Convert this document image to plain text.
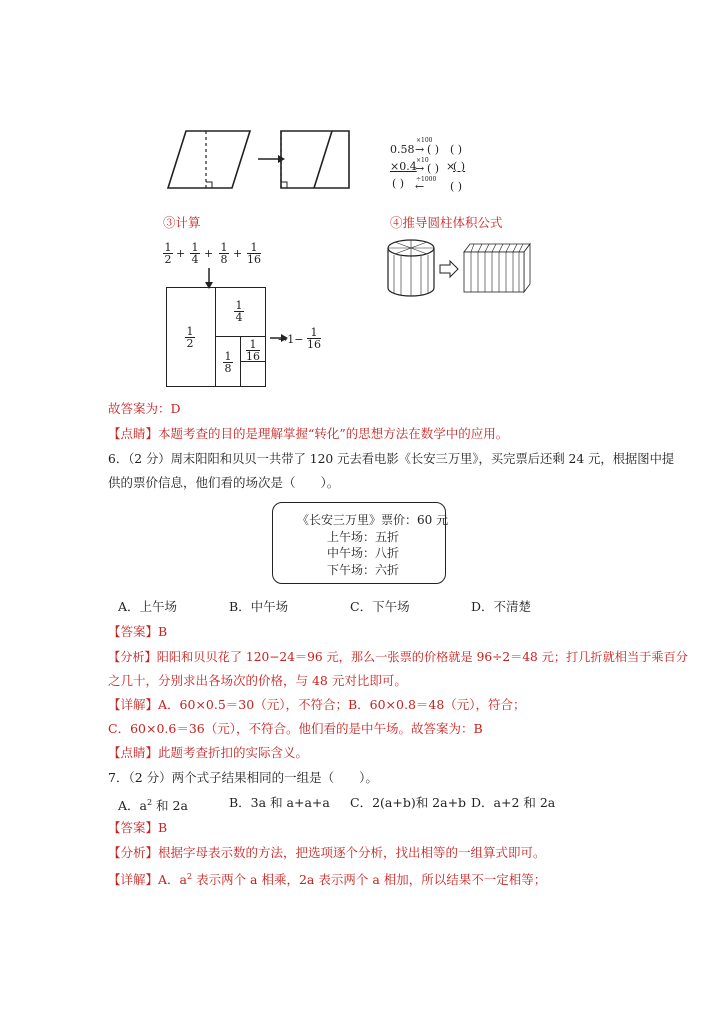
0.58
×100
→ ( ) ( )
×0.4 ×10
→ ( ) ×
( )
( ) ÷1000
← ( )
③计算
$\frac{1}{2} + \frac{1}{4} + \frac{1}{8} + \frac{1}{16}$
$\frac{1}{2}$
$\frac{1}{4}$
$\frac{1}{8}$
$\frac{1}{16} \to 1- \frac{1}{16}$
④推导圆柱体积公式
故答案为：D
【点睛】本题考查的目的是理解掌握“转化”的思想方法在数学中的应用。
6．（2 分）周末阳阳和贝贝一共带了 120 元去看电影《长安三万里》，买完票后还剩 24 元，根据图中提
供的票价信息，他们看的场次是（　　）。
《长安三万里》票价：60 元
上午场：五折
中午场：八折
下午场：六折
A．上午场	B．中午场	C．下午场	D．不清楚
【答案】B
【分析】阳阳和贝贝花了 120−24＝96 元，那么一张票的价格就是 96÷2＝48 元；打几折就相当于乘百分
之几十，分别求出各场次的价格，与 48 元对比即可。
【详解】A．60×0.5＝30（元），不符合；B．60×0.8＝48（元），符合；
C．60×0.6＝36（元），不符合。他们看的是中午场。故答案为：B
【点睛】此题考查折扣的实际含义。
7．（2 分）两个式子结果相同的一组是（　　）。
A．$a^2$ 和 2a	B．3a 和 a+a+a C．2(a+b)和 2a+b D．a+2 和 2a
【答案】B
【分析】根据字母表示数的方法，把选项逐个分析，找出相等的一组算式即可。
【详解】A．$a^2$ 表示两个 a 相乘，2a 表示两个 a 相加，所以结果不一定相等；
